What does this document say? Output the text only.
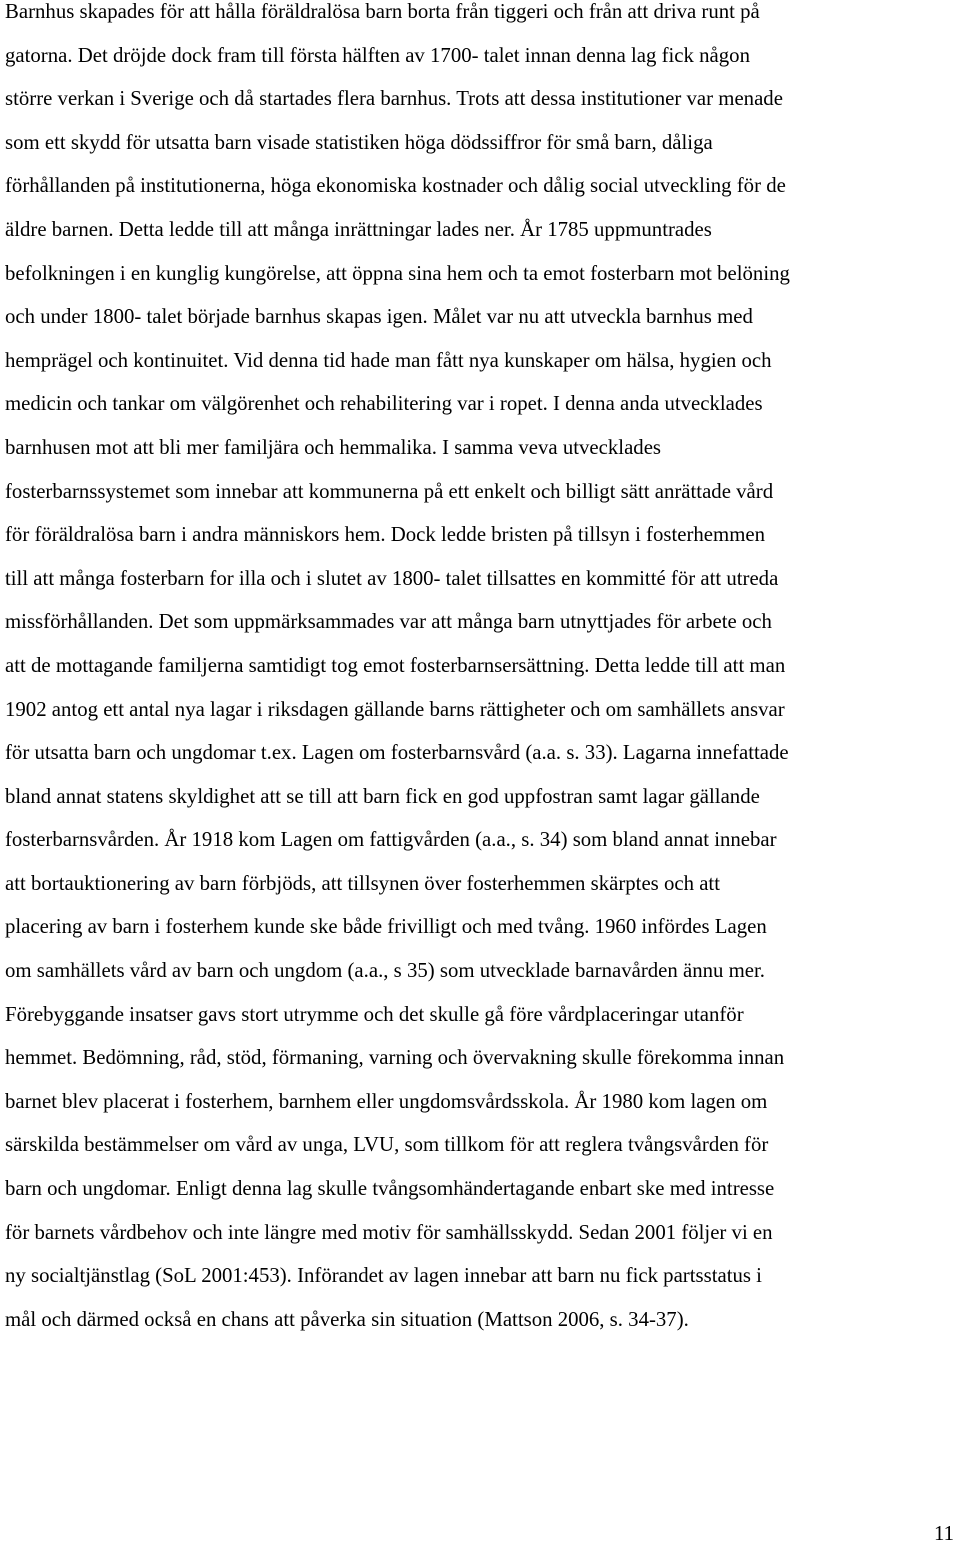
Barnhus skapades för att hålla föräldralösa barn borta från tiggeri och från att driva runt på
gatorna. Det dröjde dock fram till första hälften av 1700- talet innan denna lag fick någon
större verkan i Sverige och då startades flera barnhus. Trots att dessa institutioner var menade
som ett skydd för utsatta barn visade statistiken höga dödssiffror för små barn, dåliga
förhållanden på institutionerna, höga ekonomiska kostnader och dålig social utveckling för de
äldre barnen. Detta ledde till att många inrättningar lades ner. År 1785 uppmuntrades
befolkningen i en kunglig kungörelse, att öppna sina hem och ta emot fosterbarn mot belöning
och under 1800- talet började barnhus skapas igen. Målet var nu att utveckla barnhus med
hemprägel och kontinuitet. Vid denna tid hade man fått nya kunskaper om hälsa, hygien och
medicin och tankar om välgörenhet och rehabilitering var i ropet. I denna anda utvecklades
barnhusen mot att bli mer familjära och hemmalika. I samma veva utvecklades
fosterbarnssystemet som innebar att kommunerna på ett enkelt och billigt sätt anrättade vård
för föräldralösa barn i andra människors hem. Dock ledde bristen på tillsyn i fosterhemmen
till att många fosterbarn for illa och i slutet av 1800- talet tillsattes en kommitté för att utreda
missförhållanden. Det som uppmärksammades var att många barn utnyttjades för arbete och
att de mottagande familjerna samtidigt tog emot fosterbarnsersättning. Detta ledde till att man
1902 antog ett antal nya lagar i riksdagen gällande barns rättigheter och om samhällets ansvar
för utsatta barn och ungdomar t.ex. Lagen om fosterbarnsvård (a.a. s. 33). Lagarna innefattade
bland annat statens skyldighet att se till att barn fick en god uppfostran samt lagar gällande
fosterbarnsvården. År 1918 kom Lagen om fattigvården (a.a., s. 34) som bland annat innebar
att bortauktionering av barn förbjöds, att tillsynen över fosterhemmen skärptes och att
placering av barn i fosterhem kunde ske både frivilligt och med tvång. 1960 infördes Lagen
om samhällets vård av barn och ungdom (a.a., s 35) som utvecklade barnavården ännu mer.
Förebyggande insatser gavs stort utrymme och det skulle gå före vårdplaceringar utanför
hemmet. Bedömning, råd, stöd, förmaning, varning och övervakning skulle förekomma innan
barnet blev placerat i fosterhem, barnhem eller ungdomsvårdsskola. År 1980 kom lagen om
särskilda bestämmelser om vård av unga, LVU, som tillkom för att reglera tvångsvården för
barn och ungdomar. Enligt denna lag skulle tvångsomhändertagande enbart ske med intresse
för barnets vårdbehov och inte längre med motiv för samhällsskydd. Sedan 2001 följer vi en
ny socialtjänstlag (SoL 2001:453). Införandet av lagen innebar att barn nu fick partsstatus i
mål och därmed också en chans att påverka sin situation (Mattson 2006, s. 34-37).
11
